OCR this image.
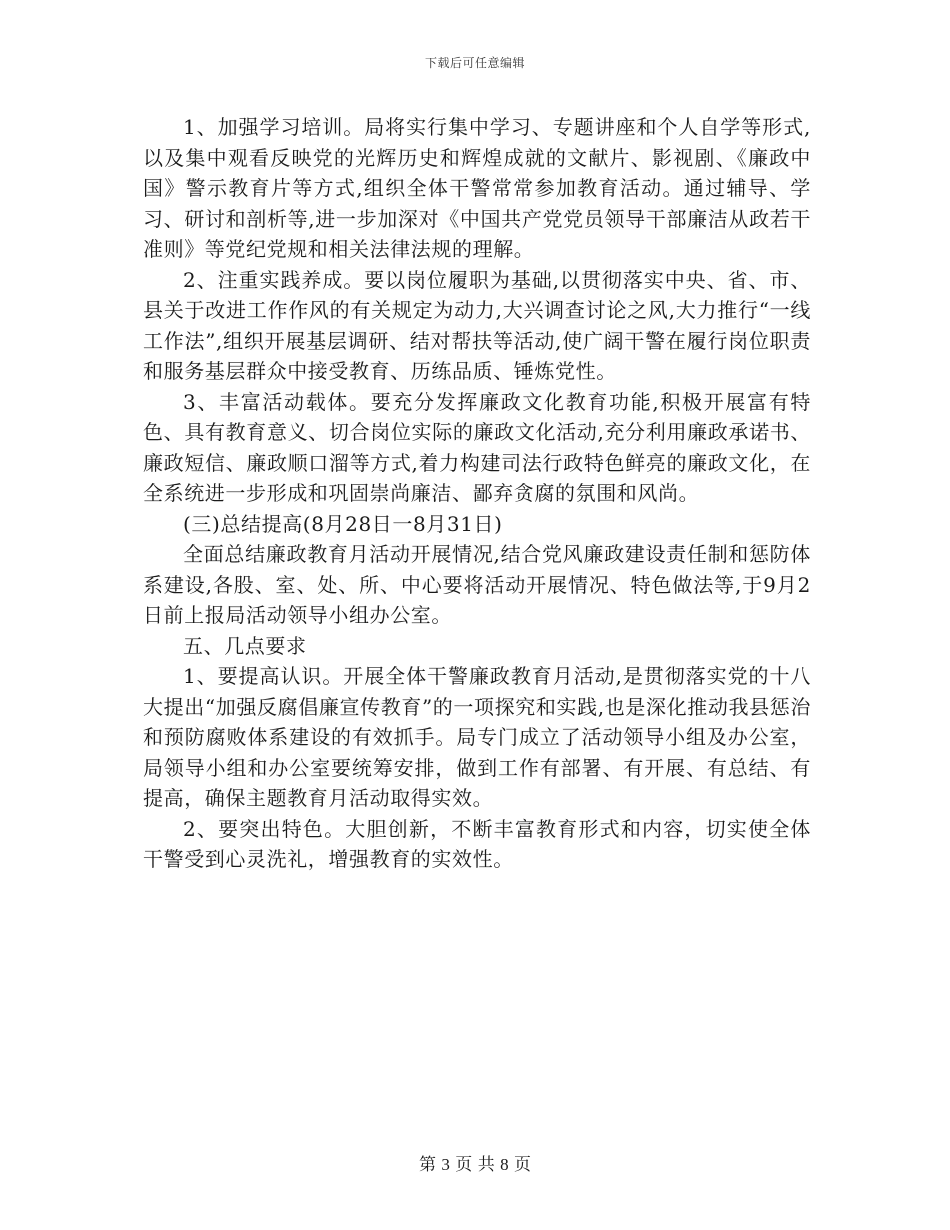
下载后可任意编辑

1、加强学习培训。局将实行集中学习、专题讲座和个人自学等形式,以及集中观看反映党的光辉历史和辉煌成就的文献片、影视剧、《廉政中国》警示教育片等方式,组织全体干警常常参加教育活动。通过辅导、学习、研讨和剖析等,进一步加深对《中国共产党党员领导干部廉洁从政若干准则》等党纪党规和相关法律法规的理解。

2、注重实践养成。要以岗位履职为基础,以贯彻落实中央、省、市、县关于改进工作作风的有关规定为动力,大兴调查讨论之风,大力推行“一线工作法”,组织开展基层调研、结对帮扶等活动,使广阔干警在履行岗位职责和服务基层群众中接受教育、历练品质、锤炼党性。

3、丰富活动载体。要充分发挥廉政文化教育功能,积极开展富有特色、具有教育意义、切合岗位实际的廉政文化活动,充分利用廉政承诺书、廉政短信、廉政顺口溜等方式,着力构建司法行政特色鲜亮的廉政文化，在全系统进一步形成和巩固崇尚廉洁、鄙弃贪腐的氛围和风尚。

(三)总结提高(8月28日一8月31日)

全面总结廉政教育月活动开展情况,结合党风廉政建设责任制和惩防体系建设,各股、室、处、所、中心要将活动开展情况、特色做法等,于9月2日前上报局活动领导小组办公室。

五、几点要求

1、要提高认识。开展全体干警廉政教育月活动,是贯彻落实党的十八大提出“加强反腐倡廉宣传教育”的一项探究和实践,也是深化推动我县惩治和预防腐败体系建设的有效抓手。局专门成立了活动领导小组及办公室，局领导小组和办公室要统筹安排，做到工作有部署、有开展、有总结、有提高，确保主题教育月活动取得实效。

2、要突出特色。大胆创新，不断丰富教育形式和内容，切实使全体干警受到心灵洗礼，增强教育的实效性。

第 3 页 共 8 页
